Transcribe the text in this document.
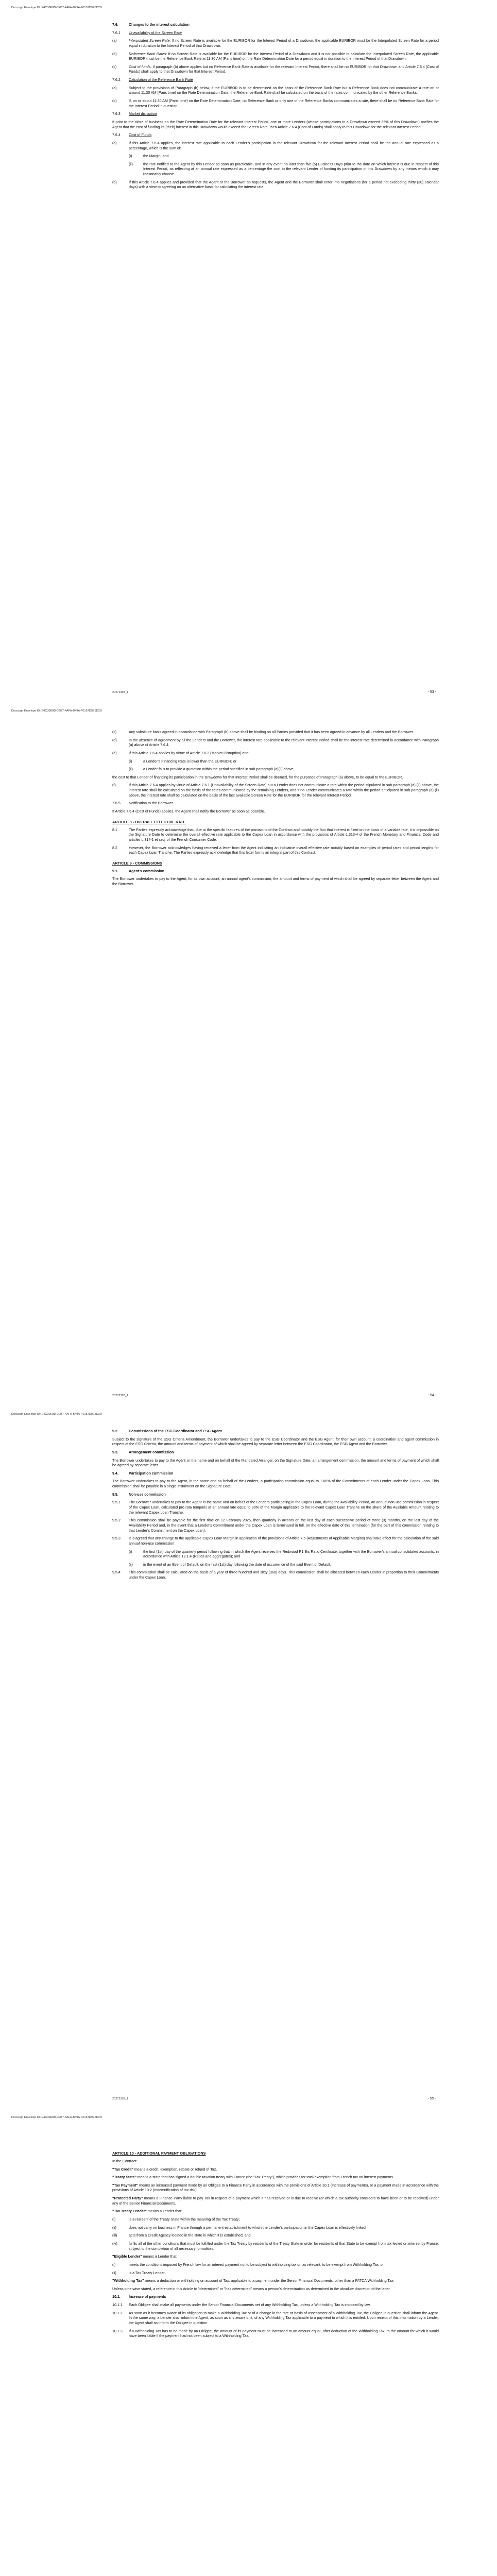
Docusign Envelope ID: E4C30E8D-0EB7-4AFA-B49A-F0157D9E5D2D
7.6.	Changes to the interest calculation
7.6.1	Unavailability of the Screen Rate
(a)	Interpolated Screen Rate: If no Screen Rate is available for the EURIBOR for the Interest Period of a Drawdown, the applicable EURIBOR must be the Interpolated Screen Rate for a period equal in duration to the Interest Period of that Drawdown.
(b)	Reference Bank Rates: If no Screen Rate is available for the EURIBOR for the Interest Period of a Drawdown and it is not possible to calculate the Interpolated Screen Rate, the applicable EURIBOR must be the Reference Bank Rate at 11:30 AM (Paris time) on the Rate Determination Date for a period equal in duration to the Interest Period of that Drawdown.
(c)	Cost of funds: If paragraph (b) above applies but no Reference Bank Rate is available for the relevant Interest Period, there shall be no EURIBOR for that Drawdown and Article 7.6.4 (Cost of Funds) shall apply to that Drawdown for that Interest Period.
7.6.2	Calculation of the Reference Bank Rate
(a)	Subject to the provisions of Paragraph (b) below, if the EURIBOR is to be determined on the basis of the Reference Bank Rate but a Reference Bank does not communicate a rate on or around 11:30 AM (Paris time) on the Rate Determination Date, the Reference Bank Rate shall be calculated on the basis of the rates communicated by the other Reference Banks.
(b)	If, on or about 11:30 AM (Paris time) on the Rate Determination Date, no Reference Bank or only one of the Reference Banks communicates a rate, there shall be no Reference Bank Rate for the Interest Period in question.
7.6.3	Market disruption
If prior to the close of business on the Rate Determination Date for the relevant Interest Period, one or more Lenders (whose participations in a Drawdown exceed 35% of this Drawdown) notifies the Agent that the cost of funding its (their) interest in this Drawdown would exceed the Screen Rate, then Article 7.6.4 (Cost of Funds) shall apply to this Drawdown for the relevant Interest Period.
7.6.4	Cost of Funds
(a)	If this Article 7.6.4 applies, the interest rate applicable to each Lender’s participation in the relevant Drawdown for the relevant Interest Period shall be the annual rate expressed as a percentage, which is the sum of:
(i)	the Margin; and
(ii)	the rate notified to the Agent by this Lender as soon as practicable, and in any event no later than five (5) Business Days prior to the date on which interest is due in respect of this Interest Period, as reflecting at an annual rate expressed as a percentage the cost to the relevant Lender of funding its participation in this Drawdown by any means which it may reasonably choose.
(b)	If this Article 7.6.4 applies and provided that the Agent or the Borrower so requests, the Agent and the Borrower shall enter into negotiations (for a period not exceeding thirty (30) calendar days) with a view to agreeing on an alternative basis for calculating the interest rate.
20272393_1	- 53 -
Docusign Envelope ID: E4C30E8D-0EB7-4AFA-B49A-F0157D9E5D2D
(c)	Any substitute basis agreed in accordance with Paragraph (b) above shall be binding on all Parties provided that it has been agreed in advance by all Lenders and the Borrower.
(d)	In the absence of agreement by all the Lenders and the Borrower, the interest rate applicable to the relevant Interest Period shall be the interest rate determined in accordance with Paragraph (a) above of Article 7.6.4.
(e)	If this Article 7.6.4 applies by virtue of Article 7.6.3 (Market Disruption) and:
(i)	a Lender’s Financing Rate is lower than the EURIBOR; or
(ii)	a Lender fails to provide a quotation within the period specified in sub-paragraph (a)(ii) above,
the cost to that Lender of financing its participation in the Drawdown for that Interest Period shall be deemed, for the purposes of Paragraph (a) above, to be equal to the EURIBOR.
(f)	If this Article 7.6.4 applies by virtue of Article 7.6.1 (Unavailability of the Screen Rate) but a Lender does not communicate a rate within the period stipulated in sub-paragraph (a) (ii) above, the interest rate shall be calculated on the basis of the rates communicated by the remaining Lenders, and if no Lender communicates a rate within the period anticipated in sub-paragraph (a) (ii) above, the interest rate shall be calculated on the basis of the last available Screen Rate for the EURIBOR for the relevant Interest Period.
7.6.5	Notification to the Borrower
If Article 7.6.4 (Cost of Funds) applies, the Agent shall notify the Borrower as soon as possible.
ARTICLE 8 - OVERALL EFFECTIVE RATE
8.1	The Parties expressly acknowledge that, due to the specific features of the provisions of the Contract and notably the fact that interest is fixed on the basis of a variable rate, it is impossible on the Signature Date to determine the overall effective rate applicable to the Capex Loan in accordance with the provisions of Article L.313-4 of the French Monetary and Financial Code and articles L.314-1 et seq. of the French Consumer Code.
8.2	However, the Borrower acknowledges having received a letter from the Agent indicating an indicative overall effective rate notably based on examples of period rates and period lengths for each Capex Loan Tranche. The Parties expressly acknowledge that this letter forms an integral part of this Contract.
ARTICLE 9 - COMMISSIONS
9.1.	Agent's commission
The Borrower undertakes to pay to the Agent, for its own account, an annual agent’s commission, the amount and terms of payment of which shall be agreed by separate letter between the Agent and the Borrower.
20272393_1	- 54 -
Docusign Envelope ID: E4C30E8D-0EB7-4AFA-B49A-F0157D9E5D2D
9.2.	Commissions of the ESG Coordinator and ESG Agent
Subject to the signature of the ESG Criteria Amendment, the Borrower undertakes to pay to the ESG Coordinator and the ESG Agent, for their own account, a coordination and agent commission in respect of the ESG Criteria, the amount and terms of payment of which shall be agreed by separate letter between the ESG Coordinator, the ESG Agent and the Borrower.
9.3.	Arrangement commission
The Borrower undertakes to pay to the Agent, in the name and on behalf of the Mandated Arranger, on the Signature Date, an arrangement commission, the amount and terms of payment of which shall be agreed by separate letter.
9.4.	Participation commission
The Borrower undertakes to pay to the Agent, in the name and on behalf of the Lenders, a participation commission equal to 1.00% of the Commitments of each Lender under the Capex Loan. This commission shall be payable in a single instalment on the Signature Date.
9.5.	Non-use commission
9.5.1	The Borrower undertakes to pay to the Agent in the name and on behalf of the Lenders participating in the Capex Loan, during the Availability Period, an annual non-use commission in respect of the Capex Loan, calculated pro rata temporis at an annual rate equal to 30% of the Margin applicable to the relevant Capex Loan Tranche on the share of the Available Amount relating to the relevant Capex Loan Tranche.
9.5.2	This commission shall be payable for the first time on 12 February 2025, then quarterly in arrears on the last day of each successive period of three (3) months, on the last day of the Availability Period and, in the event that a Lender’s Commitment under the Capex Loan is terminated in full, on the effective date of this termination (for the part of this commission relating to that Lender’s Commitment on the Capex Loan).
9.5.3	It is agreed that any change to the applicable Capex Loan Margin in application of the provisions of Article 7.5 (Adjustments of Applicable Margins) shall take effect for the calculation of the said annual non-use commission:
(i)	the first (1st) day of the quarterly period following that in which the Agent receives the Redwood R1 Bis Ratio Certificate, together with the Borrower’s annual consolidated accounts, in accordance with Article 12.1.4 (Ratios and aggregates); and
(ii)	in the event of an Event of Default, on the first (1st) day following the date of occurrence of the said Event of Default.
9.5.4	This commission shall be calculated on the basis of a year of three hundred and sixty (360) days. This commission shall be allocated between each Lender in proportion to their Commitments under the Capex Loan.
20272393_1	- 55 -
Docusign Envelope ID: E4C30E8D-0EB7-4AFA-B49A-F0157D9E5D2D
ARTICLE 10 - ADDITIONAL PAYMENT OBLIGATIONS
In the Contract:
"Tax Credit" means a credit, exemption, rebate or refund of Tax.
"Treaty State" means a state that has signed a double taxation treaty with France (the "Tax Treaty"), which provides for total exemption from French tax on interest payments.
"Tax Payment" means an increased payment made by an Obligee to a Finance Party in accordance with the provisions of Article 10.1 (Increase of payments), or a payment made in accordance with the provisions of Article 10.2 (Indemnification of tax risk).
"Protected Party" means a Finance Party liable to pay Tax in respect of a payment which it has received or is due to receive (or which a tax authority considers to have been or to be received) under any of the Senior Financial Documents.
"Tax Treaty Lender" means a Lender that:
(i)	is a resident of the Treaty State within the meaning of the Tax Treaty;
(ii)	does not carry on business in France through a permanent establishment to which the Lender’s participation in the Capex Loan is effectively linked;
(iii)	acts from a Credit Agency located in the state in which it is established; and
(iv)	fulfils all of the other conditions that must be fulfilled under the Tax Treaty by residents of the Treaty State in order for residents of that State to be exempt from tax levied on interest by France, subject to the completion of all necessary formalities.
"Eligible Lender" means a Lender that:
(i)	meets the conditions imposed by French law for an interest payment not to be subject to withholding tax or, as relevant, to be exempt from Withholding Tax; or
(ii)	is a Tax Treaty Lender.
"Withholding Tax" means a deduction or withholding on account of Tax, applicable to a payment under the Senior Financial Documents, other than a FATCA Withholding Tax.
Unless otherwise stated, a reference in this Article to "determines" or "has determined" means a person’s determination as determined in the absolute discretion of the latter.
10.1.	Increase of payments
10.1.1.	Each Obligee shall make all payments under the Senior Financial Documents net of any Withholding Tax, unless a Withholding Tax is imposed by law.
10.1.2.	As soon as it becomes aware of its obligation to make a Withholding Tax or of a change in the rate or basis of assessment of a Withholding Tax, the Obligee in question shall inform the Agent. In the same way, a Lender shall inform the Agent, as soon as it is aware of it, of any Withholding Tax applicable to a payment to which it is entitled. Upon receipt of this information by a Lender, the Agent shall so inform the Obligee in question.
10.1.3.	If a Withholding Tax has to be made by an Obligee, the amount of its payment must be increased to an amount equal, after deduction of the Withholding Tax, to the amount for which it would have been liable if the payment had not been subject to a Withholding Tax.
